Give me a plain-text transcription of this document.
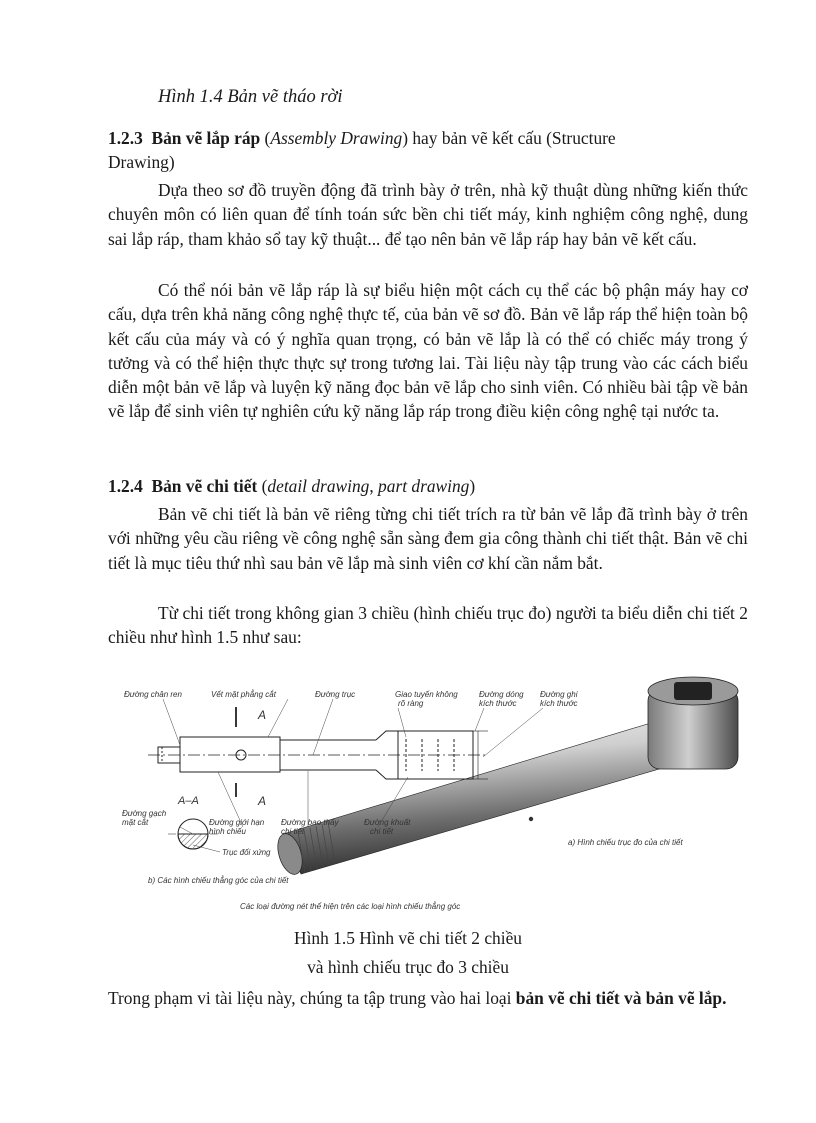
Hình 1.4 Bản vẽ tháo rời
1.2.3 Bản vẽ lắp ráp (Assembly Drawing) hay bản vẽ kết cấu (Structure
Drawing)

Dựa theo sơ đồ truyền động đã trình bày ở trên, nhà kỹ thuật dùng những kiến thức chuyên môn có liên quan để tính toán sức bền chi tiết máy, kinh nghiệm công nghệ, dung sai lắp ráp, tham khảo sổ tay kỹ thuật... để tạo nên bản vẽ lắp ráp hay bản vẽ kết cấu.

Có thể nói bản vẽ lắp ráp là sự biểu hiện một cách cụ thể các bộ phận máy hay cơ cấu, dựa trên khả năng công nghệ thực tế, của bản vẽ sơ đồ. Bản vẽ lắp ráp thể hiện toàn bộ kết cấu của máy và có ý nghĩa quan trọng, có bản vẽ lắp là có thể có chiếc máy trong ý tưởng và có thể hiện thực thực sự trong tương lai. Tài liệu này tập trung vào các cách biểu diễn một bản vẽ lắp và luyện kỹ năng đọc bản vẽ lắp cho sinh viên. Có nhiều bài tập về bản vẽ lắp để sinh viên tự nghiên cứu kỹ năng lắp ráp trong điều kiện công nghệ tại nước ta.

1.2.4 Bản vẽ chi tiết (detail drawing, part drawing)

Bản vẽ chi tiết là bản vẽ riêng từng chi tiết trích ra từ bản vẽ lắp đã trình bày ở trên với những yêu cầu riêng về công nghệ sẵn sàng đem gia công thành chi tiết thật. Bản vẽ chi tiết là mục tiêu thứ nhì sau bản vẽ lắp mà sinh viên cơ khí cần nắm bắt.

Từ chi tiết trong không gian 3 chiều (hình chiếu trục đo) người ta biểu diễn chi tiết 2 chiều như hình 1.5 như sau:

Đường chân ren	Vết mặt phẳng cắt	Đường trục	Giao tuyến không
rõ ràng
Đường dóng
kích thước
Đường ghi
kích thước
A
A
A–A
Đường gạch
mặt cắt	Đường giới hạn
hình chiếu
Đường bao thấy
chi tiết
Đường khuất
chi tiết
Trục đối xứng
b) Các hình chiếu thẳng góc của chi tiết
a) Hình chiếu trục đo của chi tiết
Các loại đường nét thể hiện trên các loại hình chiếu thẳng góc
Hình 1.5 Hình vẽ chi tiết 2 chiều
và hình chiếu trục đo 3 chiều

Trong phạm vi tài liệu này, chúng ta tập trung vào hai loại bản vẽ chi tiết và bản vẽ lắp.
